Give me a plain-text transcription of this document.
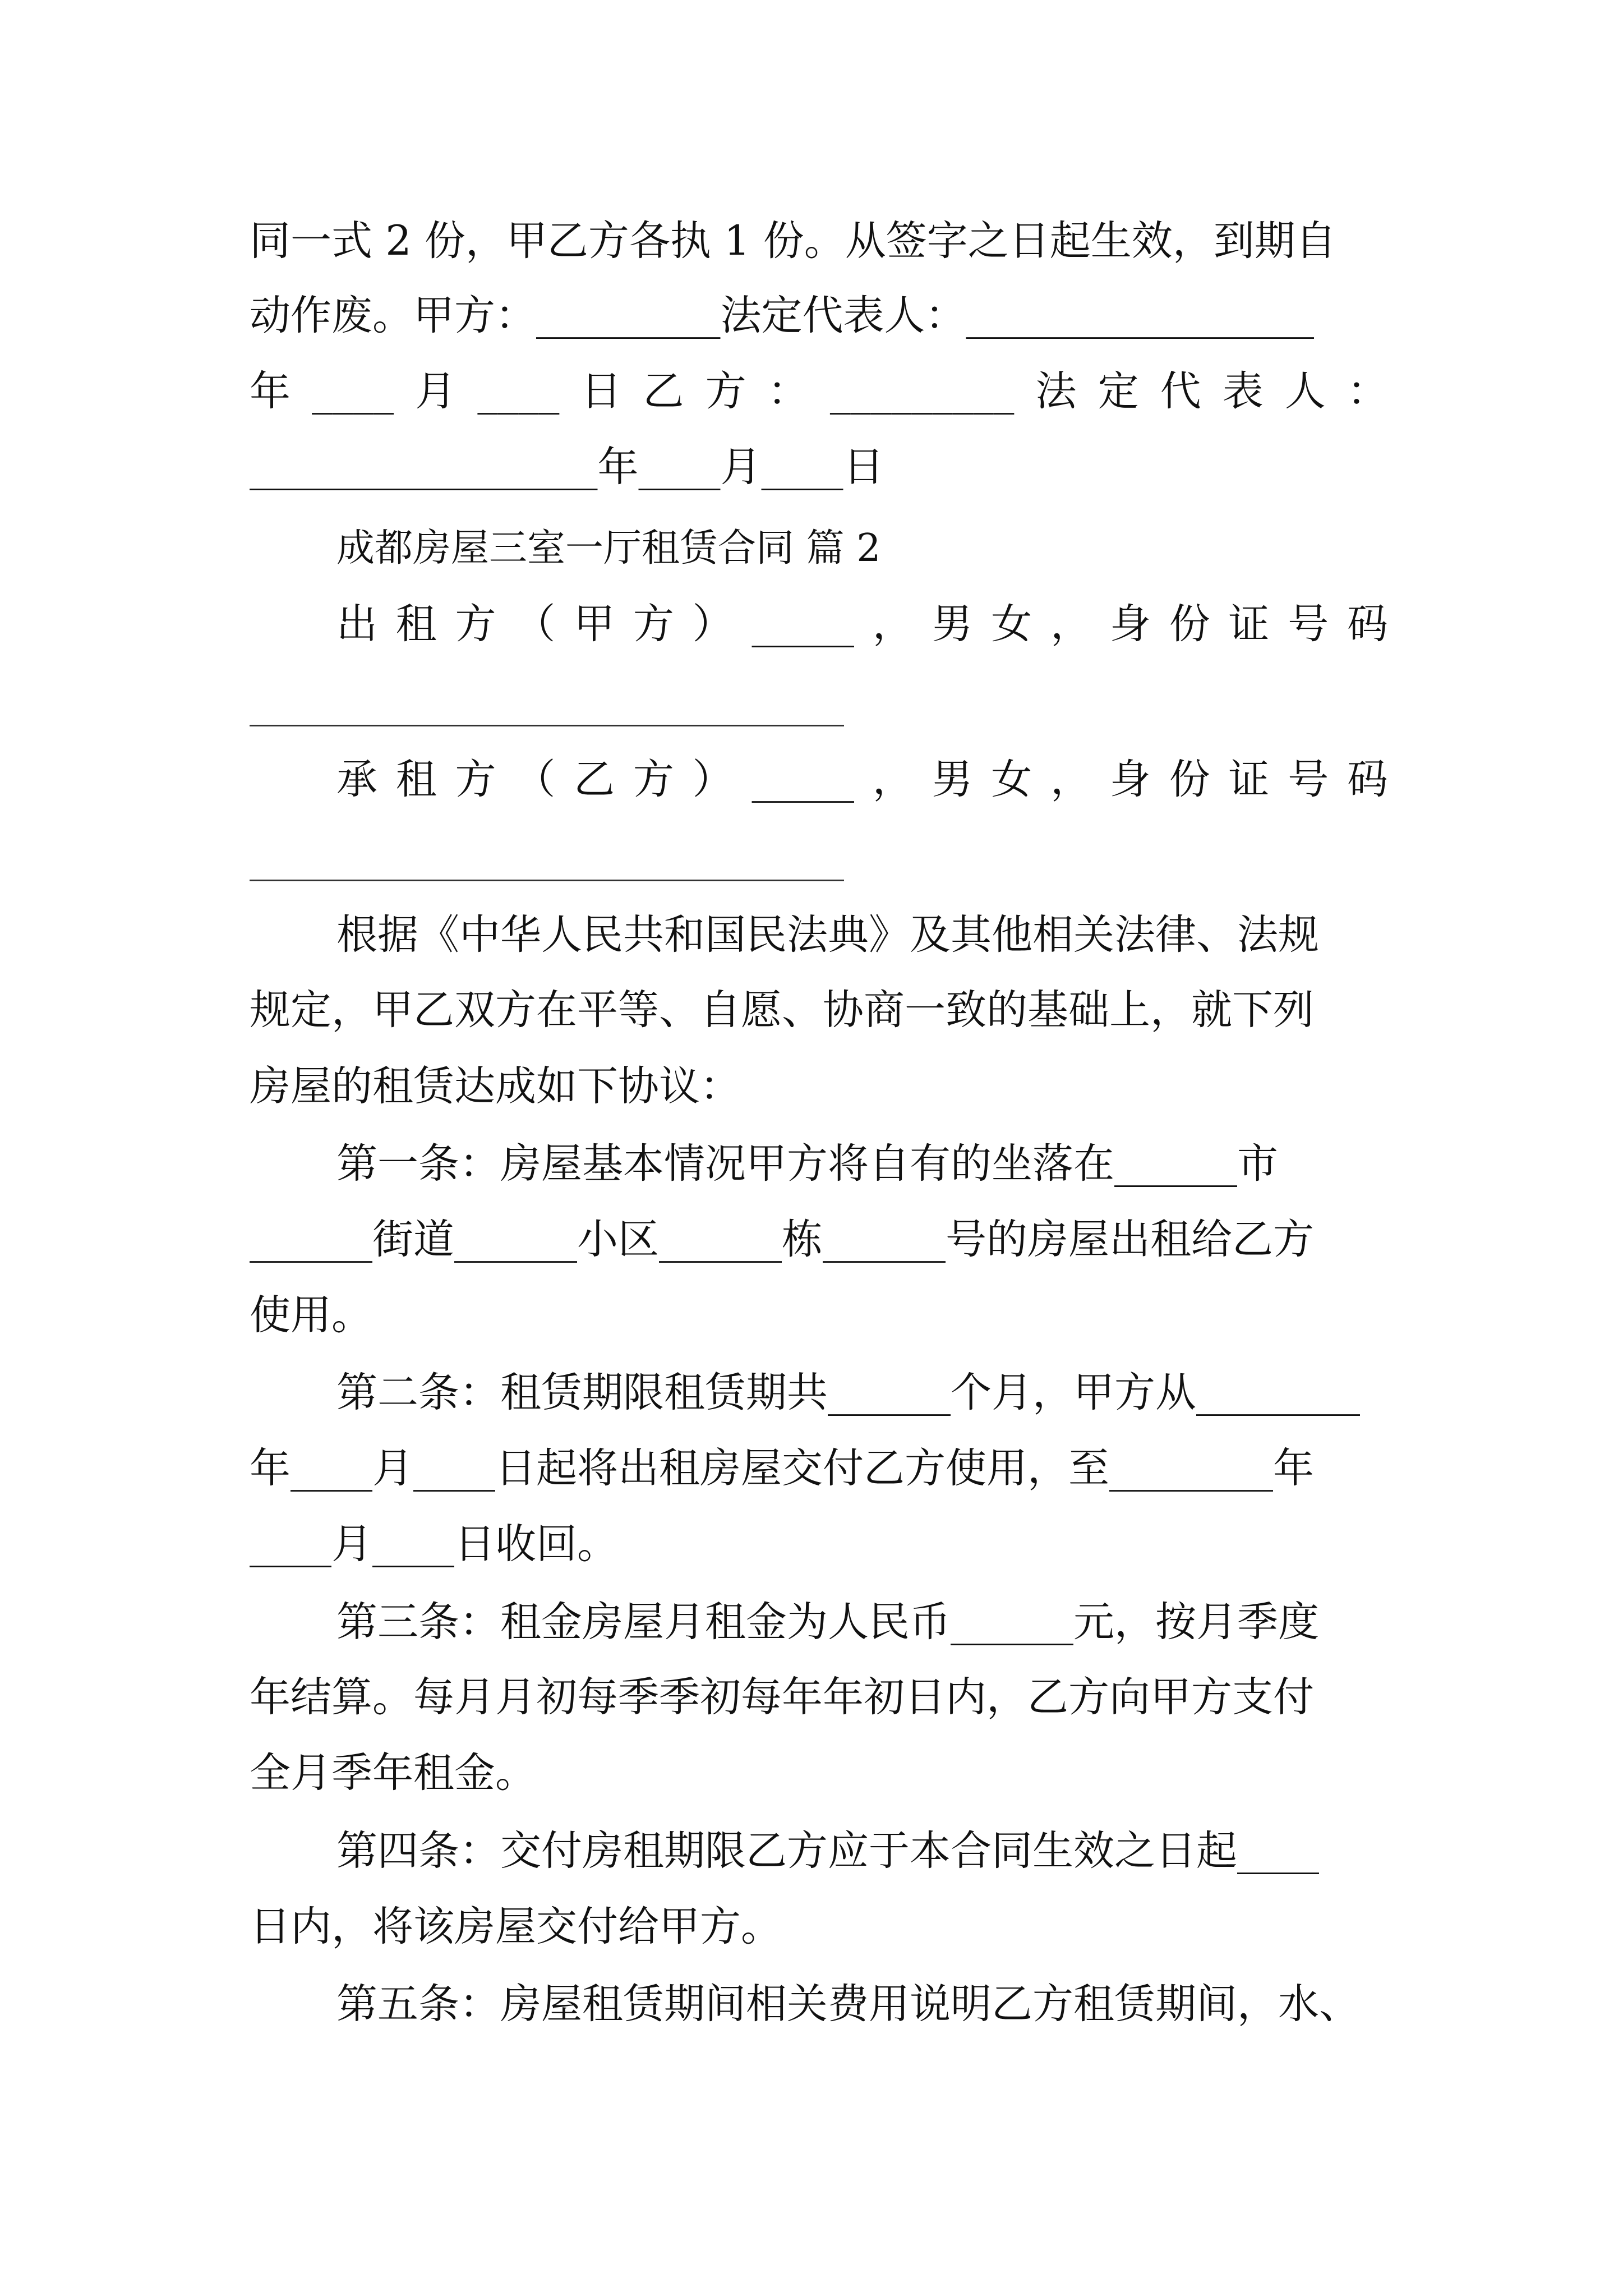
同一式 2 份，甲乙方各执 1 份。从签字之日起生效，到期自
动作废。甲方：_________法定代表人：_________________
年____月____日乙方：_________法定代表人：
_________________年____月____日
成都房屋三室一厅租赁合同 篇 2
出租方（甲方）_____，男女，身份证号码
承租方（乙方）_____，男女，身份证号码
根据《中华人民共和国民法典》及其他相关法律、法规
规定，甲乙双方在平等、自愿、协商一致的基础上，就下列
房屋的租赁达成如下协议：
第一条：房屋基本情况甲方将自有的坐落在______市
______街道______小区______栋______号的房屋出租给乙方
使用。
第二条：租赁期限租赁期共______个月，甲方从________
年____月____日起将出租房屋交付乙方使用，至________年
____月____日收回。
第三条：租金房屋月租金为人民币______元，按月季度
年结算。每月月初每季季初每年年初日内，乙方向甲方支付
全月季年租金。
第四条：交付房租期限乙方应于本合同生效之日起____
日内，将该房屋交付给甲方。
第五条：房屋租赁期间相关费用说明乙方租赁期间，水、
